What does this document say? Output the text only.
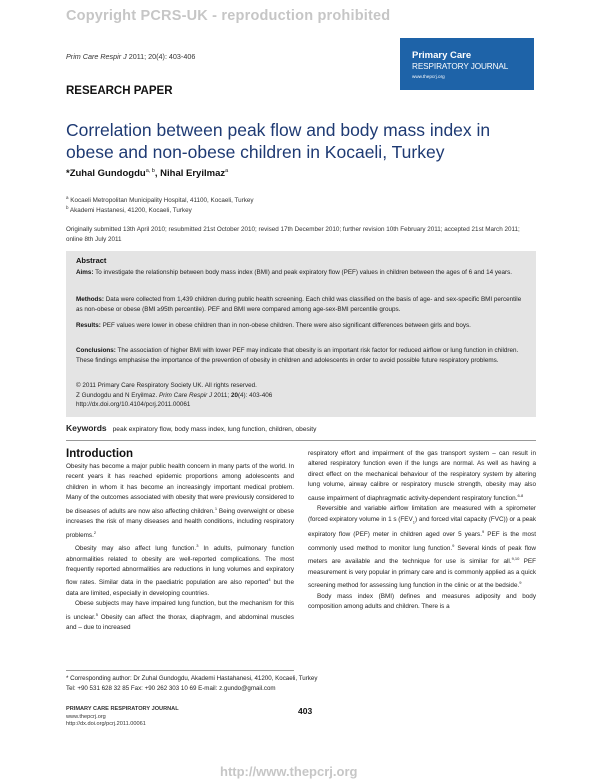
Copyright PCRS-UK - reproduction prohibited
Prim Care Respir J 2011; 20(4): 403-406	Primary Care
RESPIRATORY JOURNAL
www.thepcrj.org
RESEARCH PAPER
Correlation between peak flow and body mass index in obese and non-obese children in Kocaeli, Turkey
*Zuhal Gundogdu$^{a, b}$, Nihal Eryilmaz$^a$
$^a$ Kocaeli Metropolitan Municipality Hospital, 41100, Kocaeli, Turkey
$^b$ Akademi Hastanesi, 41200, Kocaeli, Turkey
Originally submitted 13th April 2010; resubmitted 21st October 2010; revised 17th December 2010; further revision 10th February 2011; accepted 21st March 2011; online 8th July 2011
Abstract
Aims: To investigate the relationship between body mass index (BMI) and peak expiratory flow (PEF) values in children between the ages of 6 and 14 years.
Methods: Data were collected from 1,439 children during public health screening. Each child was classified on the basis of age- and sex-specific BMI percentile as non-obese or obese (BMI ≥95th percentile). PEF and BMI were compared among age-sex-BMI percentile groups.
Results: PEF values were lower in obese children than in non-obese children. There were also significant differences between girls and boys.
Conclusions: The association of higher BMI with lower PEF may indicate that obesity is an important risk factor for reduced airflow or lung function in children. These findings emphasise the importance of the prevention of obesity in children and adolescents in order to avoid possible future respiratory problems.
© 2011 Primary Care Respiratory Society UK. All rights reserved.
Z Gundogdu and N Eryilmaz. Prim Care Respir J 2011; 20(4): 403-406
http://dx.doi.org/10.4104/pcrj.2011.00061
Keywords peak expiratory flow, body mass index, lung function, children, obesity
Introduction

Obesity has become a major public health concern in many parts of the world. In recent years it has reached epidemic proportions among adolescents and children in whom it has become an increasingly important medical problem. Many of the outcomes associated with obesity that were previously considered to be diseases of adults are now also affecting children.$^1$ Being overweight or obese increases the risk of many diseases and health conditions, including respiratory problems.$^2$

Obesity may also affect lung function.$^3$ In adults, pulmonary function abnormalities related to obesity are well-reported complications. The most frequently reported abnormalities are reductions in lung volumes and expiratory flow rates. Similar data in the paediatric population are also reported$^4$ but the data are limited, especially in developing countries.

Obese subjects may have impaired lung function, but the mechanism for this is unclear.$^5$ Obesity can affect the thorax, diaphragm, and abdominal muscles and – due to increased

respiratory effort and impairment of the gas transport system – can result in altered respiratory function even if the lungs are normal. As well as having a direct effect on the mechanical behaviour of the respiratory system by altering lung volume, airway calibre or respiratory muscle strength, obesity may also cause impairment of diaphragmatic activity-dependent respiratory function.$^{6-8}$

Reversible and variable airflow limitation are measured with a spirometer (forced expiratory volume in 1 s $(FEV_1)$ and forced vital capacity (FVC)) or a peak expiratory flow (PEF) meter in children aged over 5 years.$^9$ PEF is the most commonly used method to monitor lung function.$^9$ Several kinds of peak flow meters are available and the technique for use is similar for all.$^{9,10}$ PEF measurement is very popular in primary care and is commonly applied as a quick screening method for assessing lung function in the clinic or at the bedside.$^9$

Body mass index (BMI) defines and measures adiposity and body composition among adults and children. There is a

* Corresponding author: Dr Zuhal Gundogdu, Akademi Hastahanesi, 41200, Kocaeli, Turkey
Tel: +90 531 628 32 85 Fax: +90 262 303 10 69 E-mail: z.gundo@gmail.com
PRIMARY CARE RESPIRATORY JOURNAL
www.thepcrj.org
http://dx.doi.org/pcrj.2011.00061
403
http://www.thepcrj.org
